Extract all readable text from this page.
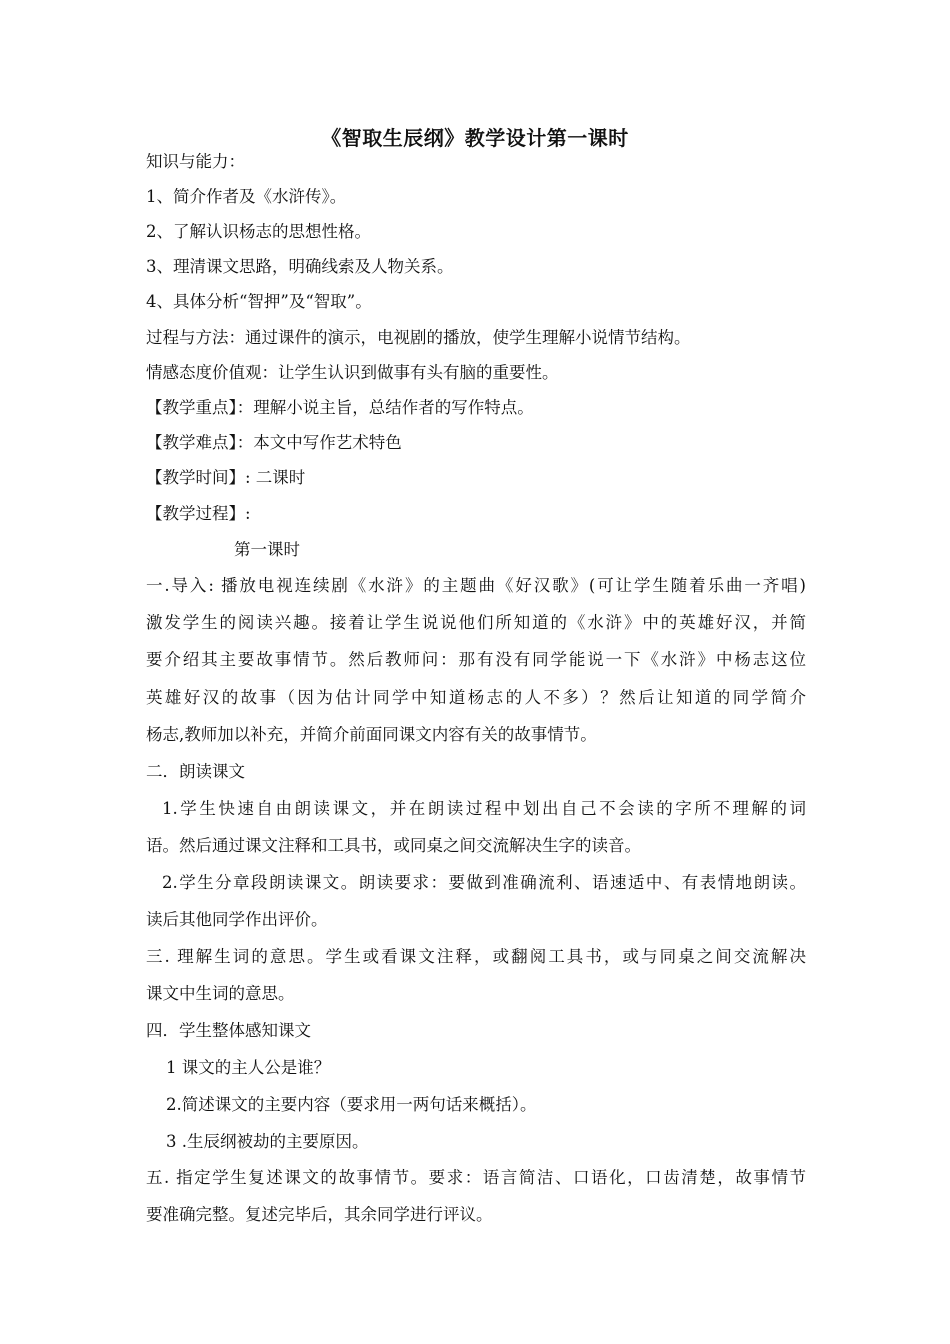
《智取生辰纲》教学设计第一课时
知识与能力：
1、简介作者及《水浒传》。
2、了解认识杨志的思想性格。
3、理清课文思路，明确线索及人物关系。
4、具体分析“智押”及“智取”。
过程与方法：通过课件的演示，电视剧的播放，使学生理解小说情节结构。
情感态度价值观：让学生认识到做事有头有脑的重要性。
【教学重点】：理解小说主旨，总结作者的写作特点。
【教学难点】：本文中写作艺术特色
【教学时间】: 二课时
【教学过程】:
第一课时
一.导入: 播放电视连续剧《水浒》的主题曲《好汉歌》(可让学生随着乐曲一齐唱)
激发学生的阅读兴趣。接着让学生说说他们所知道的《水浒》中的英雄好汉，并简
要介绍其主要故事情节。然后教师问：那有没有同学能说一下《水浒》中杨志这位
英雄好汉的故事（因为估计同学中知道杨志的人不多）？然后让知道的同学简介
杨志,教师加以补充，并简介前面同课文内容有关的故事情节。
二．朗读课文
1.学生快速自由朗读课文，并在朗读过程中划出自己不会读的字所不理解的词
语。然后通过课文注释和工具书，或同桌之间交流解决生字的读音。
2.学生分章段朗读课文。朗读要求：要做到准确流利、语速适中、有表情地朗读。
读后其他同学作出评价。
三. 理解生词的意思。学生或看课文注释，或翻阅工具书，或与同桌之间交流解决
课文中生词的意思。
四．学生整体感知课文
1 课文的主人公是谁？
2.简述课文的主要内容（要求用一两句话来概括）。
3 .生辰纲被劫的主要原因。
五. 指定学生复述课文的故事情节。要求：语言简洁、口语化，口齿清楚，故事情节
要准确完整。复述完毕后，其余同学进行评议。
